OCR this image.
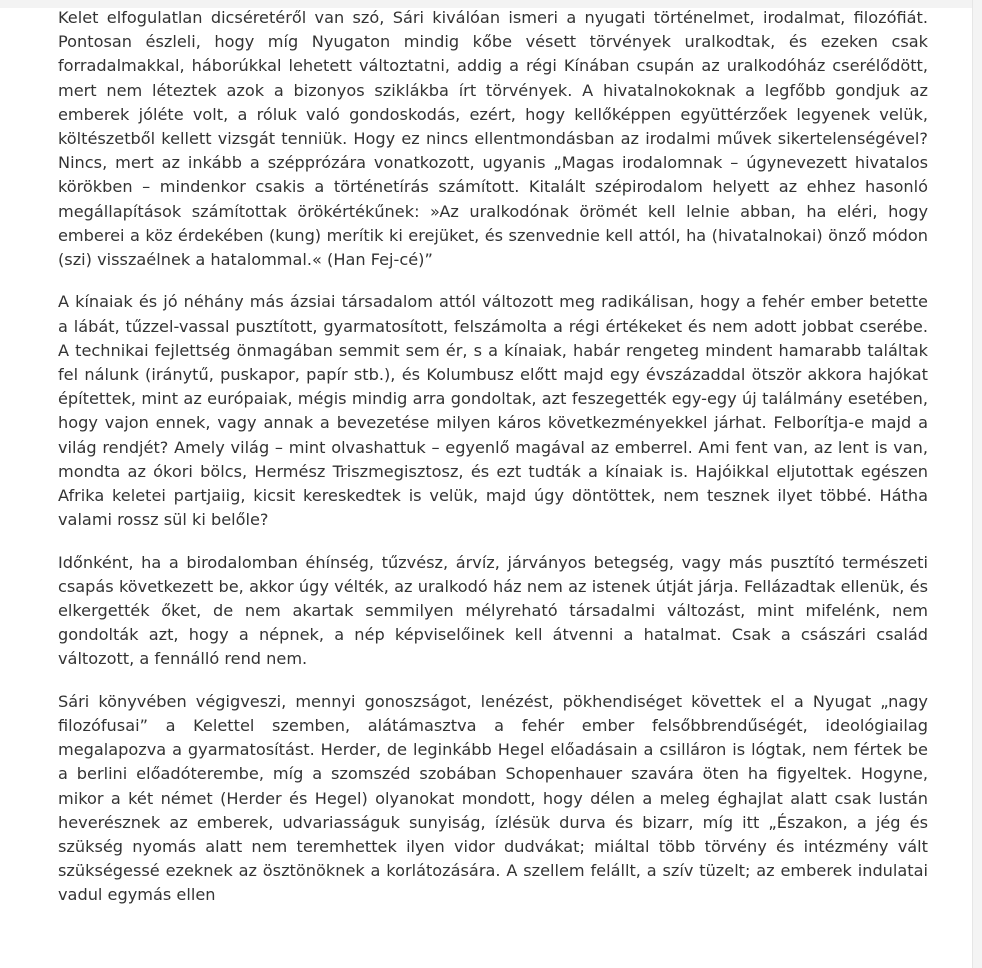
Kelet elfogulatlan dicséretéről van szó, Sári kiválóan ismeri a nyugati történelmet, irodalmat, filozófiát. Pontosan észleli, hogy míg Nyugaton mindig kőbe vésett törvények uralkodtak, és ezeken csak forradalmakkal, háborúkkal lehetett változtatni, addig a régi Kínában csupán az uralkodóház cserélődött, mert nem léteztek azok a bizonyos sziklákba írt törvények. A hivatalnokoknak a legfőbb gondjuk az emberek jóléte volt, a róluk való gondoskodás, ezért, hogy kellőképpen együttérzőek legyenek velük, költészetből kellett vizsgát tenniük. Hogy ez nincs ellentmondásban az irodalmi művek sikertelenségével? Nincs, mert az inkább a szépprózára vonatkozott, ugyanis „Magas irodalomnak – úgynevezett hivatalos körökben – mindenkor csakis a történetírás számított. Kitalált szépirodalom helyett az ehhez hasonló megállapítások számítottak örökértékűnek: »Az uralkodónak örömét kell lelnie abban, ha eléri, hogy emberei a köz érdekében (kung) merítik ki erejüket, és szenvednie kell attól, ha (hivatalnokai) önző módon (szi) visszaélnek a hatalommal.« (Han Fej-cé)”

A kínaiak és jó néhány más ázsiai társadalom attól változott meg radikálisan, hogy a fehér ember betette a lábát, tűzzel-vassal pusztított, gyarmatosított, felszámolta a régi értékeket és nem adott jobbat cserébe. A technikai fejlettség önmagában semmit sem ér, s a kínaiak, habár rengeteg mindent hamarabb találtak fel nálunk (iránytű, puskapor, papír stb.), és Kolumbusz előtt majd egy évszázaddal ötször akkora hajókat építettek, mint az európaiak, mégis mindig arra gondoltak, azt feszegették egy-egy új találmány esetében, hogy vajon ennek, vagy annak a bevezetése milyen káros következményekkel járhat. Felborítja-e majd a világ rendjét? Amely világ – mint olvashattuk – egyenlő magával az emberrel. Ami fent van, az lent is van, mondta az ókori bölcs, Hermész Triszmegisztosz, és ezt tudták a kínaiak is. Hajóikkal eljutottak egészen Afrika keletei partjaiig, kicsit kereskedtek is velük, majd úgy döntöttek, nem tesznek ilyet többé. Hátha valami rossz sül ki belőle?

Időnként, ha a birodalomban éhínség, tűzvész, árvíz, járványos betegség, vagy más pusztító természeti csapás következett be, akkor úgy vélték, az uralkodó ház nem az istenek útját járja. Fellázadtak ellenük, és elkergették őket, de nem akartak semmilyen mélyreható társadalmi változást, mint mifelénk, nem gondolták azt, hogy a népnek, a nép képviselőinek kell átvenni a hatalmat. Csak a császári család változott, a fennálló rend nem.

Sári könyvében végigveszi, mennyi gonoszságot, lenézést, pökhendiséget követtek el a Nyugat „nagy filozófusai” a Kelettel szemben, alátámasztva a fehér ember felsőbbrendűségét, ideológiailag megalapozva a gyarmatosítást. Herder, de leginkább Hegel előadásain a csilláron is lógtak, nem fértek be a berlini előadóterembe, míg a szomszéd szobában Schopenhauer szavára öten ha figyeltek. Hogyne, mikor a két német (Herder és Hegel) olyanokat mondott, hogy délen a meleg éghajlat alatt csak lustán heverésznek az emberek, udvariasságuk sunyiság, ízlésük durva és bizarr, míg itt „Északon, a jég és szükség nyomás alatt nem teremhettek ilyen vidor dudvákat; miáltal több törvény és intézmény vált szükségessé ezeknek az ösztönöknek a korlátozására. A szellem felállt, a szív tüzelt; az emberek indulatai vadul egymás ellen
